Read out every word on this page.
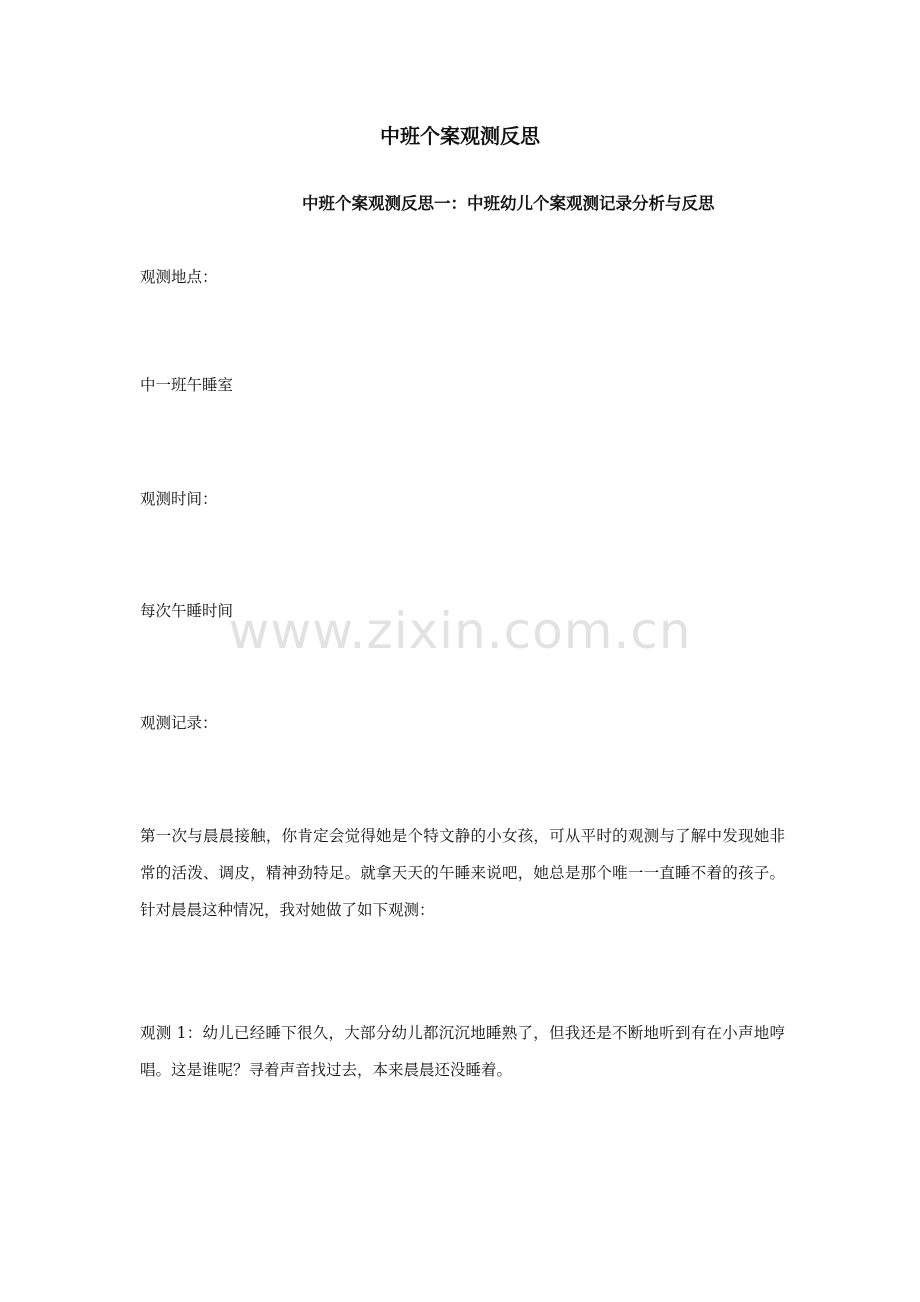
中班个案观测反思
中班个案观测反思一：中班幼儿个案观测记录分析与反思

观测地点：

中一班午睡室

观测时间：

每次午睡时间

观测记录：

第一次与晨晨接触，你肯定会觉得她是个特文静的小女孩，可从平时的观测与了解中发现她非常的活泼、调皮，精神劲特足。就拿天天的午睡来说吧，她总是那个唯一一直睡不着的孩子。针对晨晨这种情况，我对她做了如下观测：

观测 1：幼儿已经睡下很久，大部分幼儿都沉沉地睡熟了，但我还是不断地听到有在小声地哼唱。这是谁呢？寻着声音找过去，本来晨晨还没睡着。

www.zixin.com.cn
